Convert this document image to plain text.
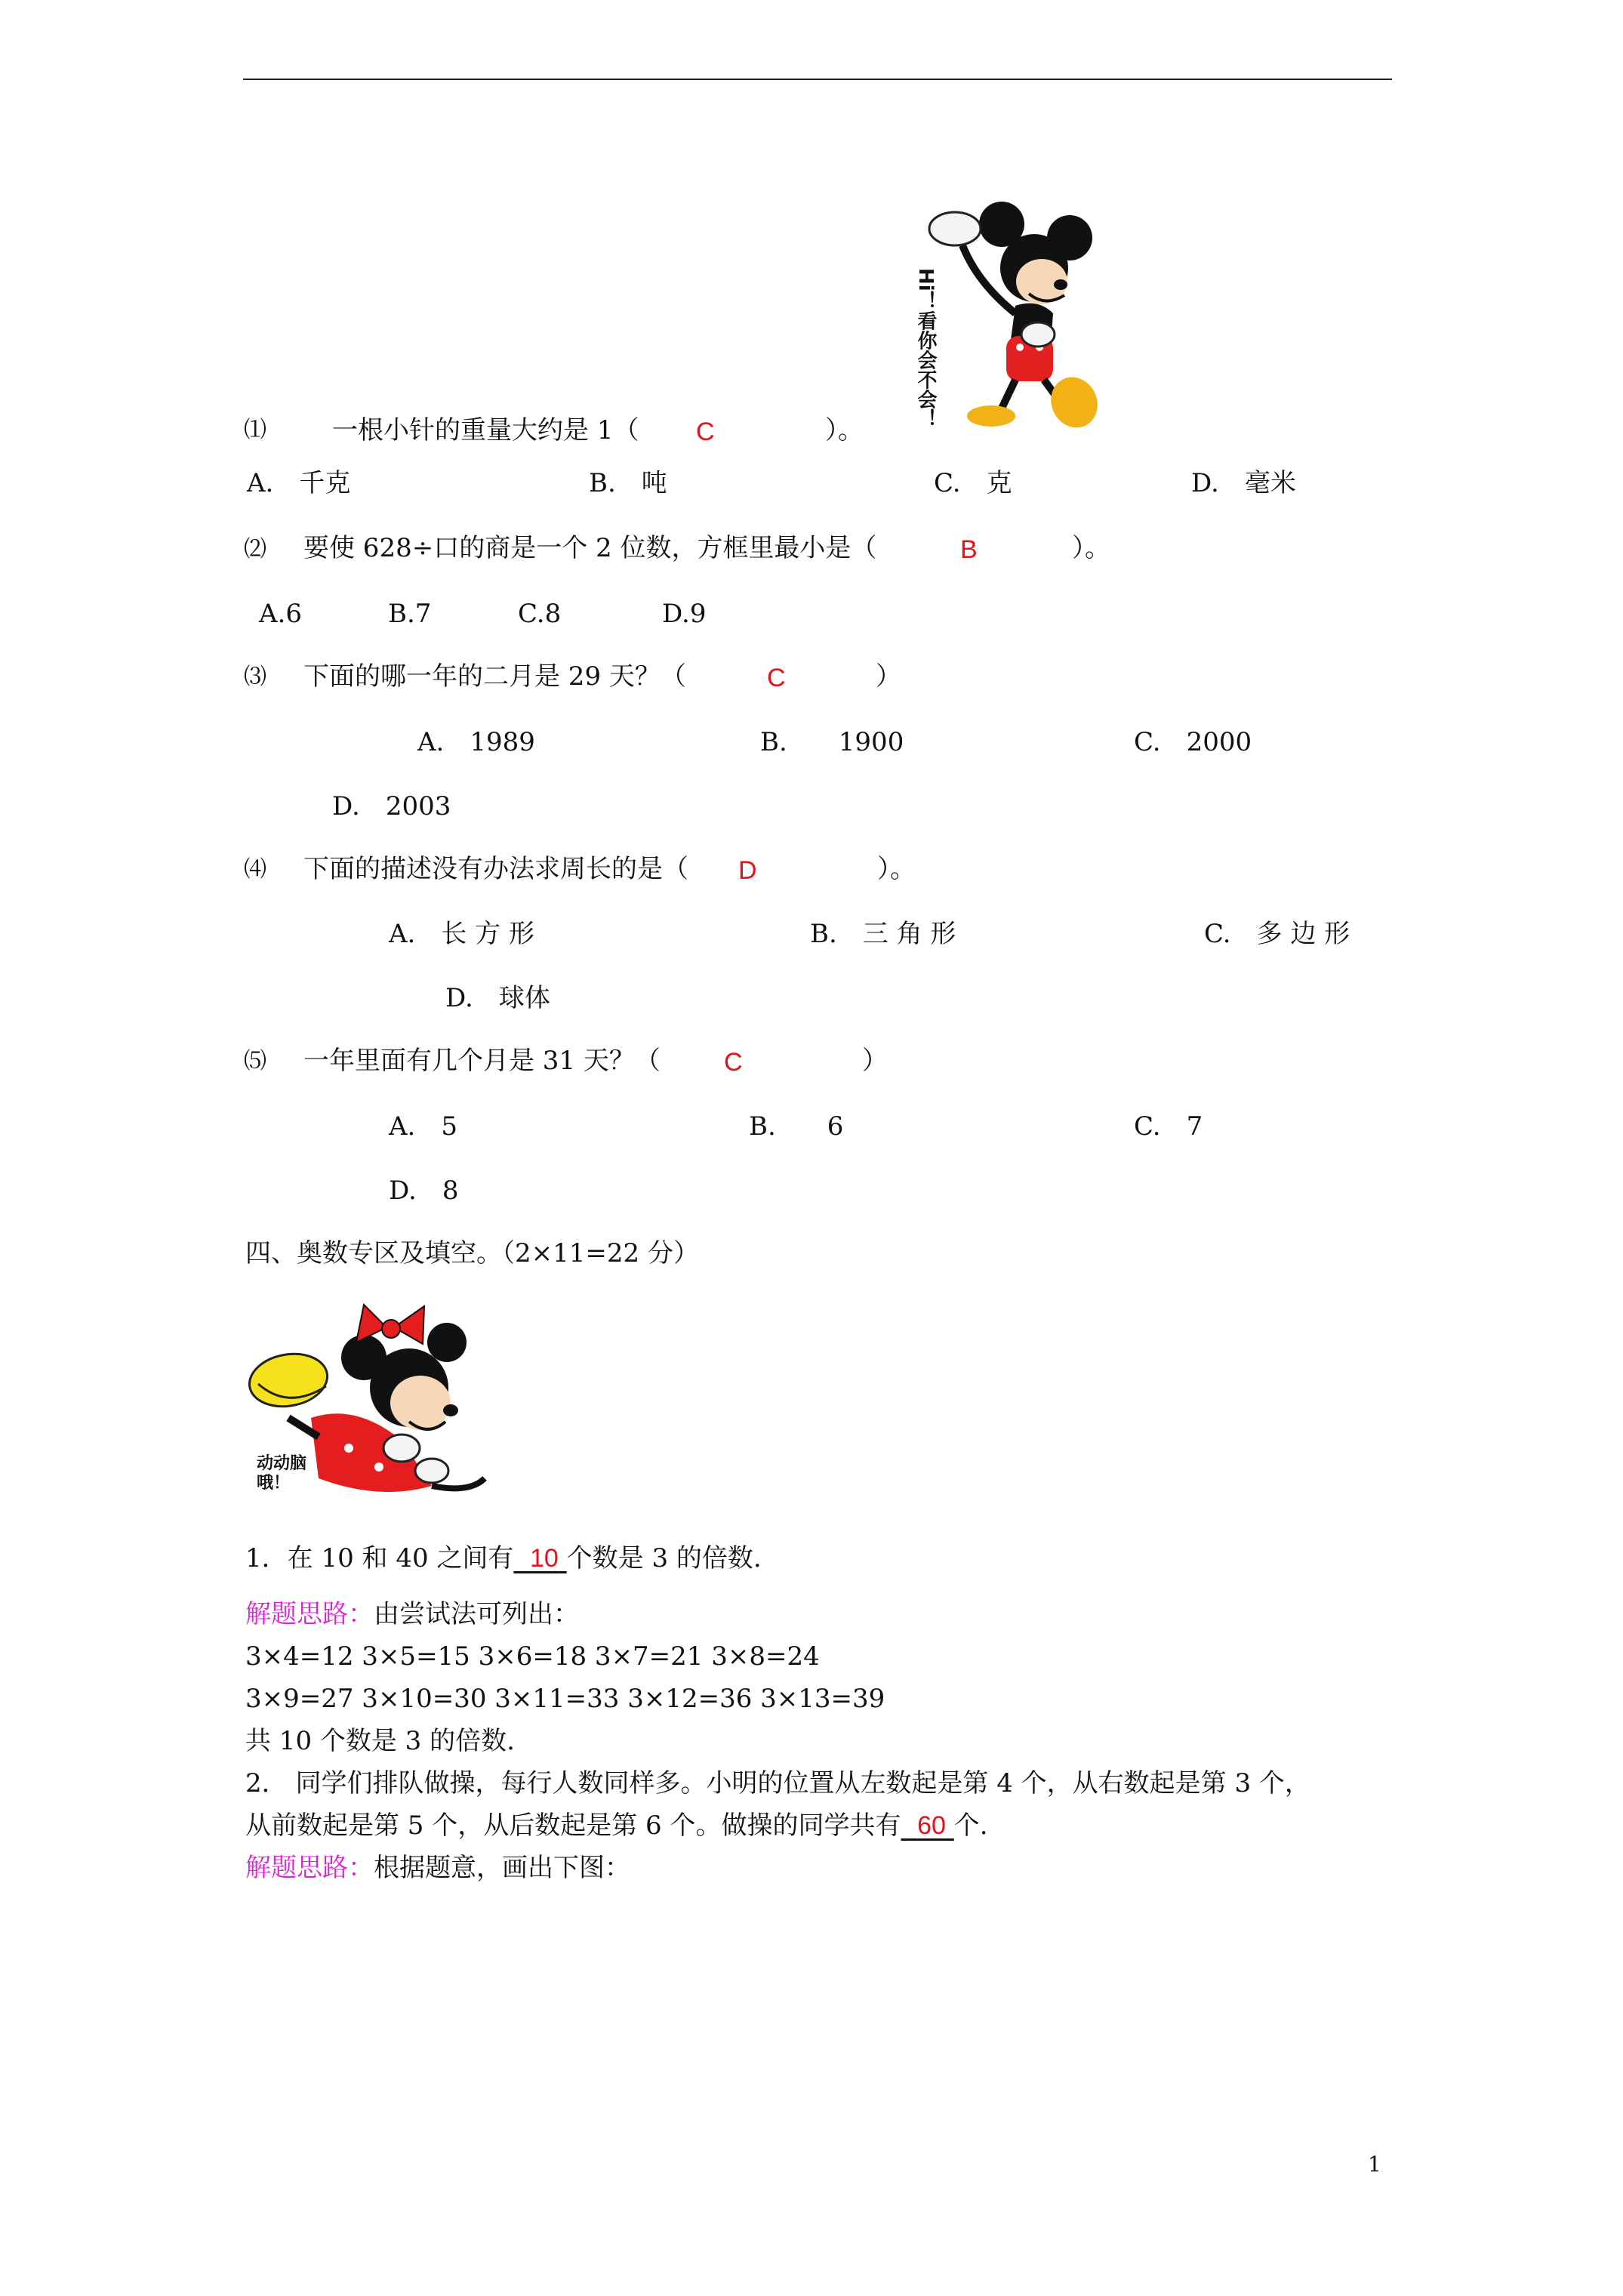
Hi！看你会不会！
⑴	一根小针的重量大约是 1（ C	）。
A.　千克	B.　吨	C.　克	D.　毫米
⑵ 要使 628÷口的商是一个 2 位数，方框里最小是（	B	）。
A.6	B.7	C.8	D.9
⑶ 下面的哪一年的二月是 29 天？（	C	）
A.　1989	B.　　1900	C.　2000
D.　2003
⑷ 下面的描述没有办法求周长的是（ D	）。
A.　长 方 形	B.　三 角 形	C.　多 边 形
D.　球体
⑸ 一年里面有几个月是 31 天？（ C	）
A.　5	B.　　6	C.　7
D.　8
四、奥数专区及填空。（2×11=22 分）
动动脑哦！
1．在 10 和 40 之间有 10 个数是 3 的倍数.
解题思路：由尝试法可列出：
3×4=12 3×5=15 3×6=18 3×7=21 3×8=24
3×9=27 3×10=30 3×11=33 3×12=36 3×13=39
共 10 个数是 3 的倍数.
2． 同学们排队做操，每行人数同样多。小明的位置从左数起是第 4 个，从右数起是第 3 个，
从前数起是第 5 个，从后数起是第 6 个。做操的同学共有 60 个.
解题思路：根据题意，画出下图：
1
